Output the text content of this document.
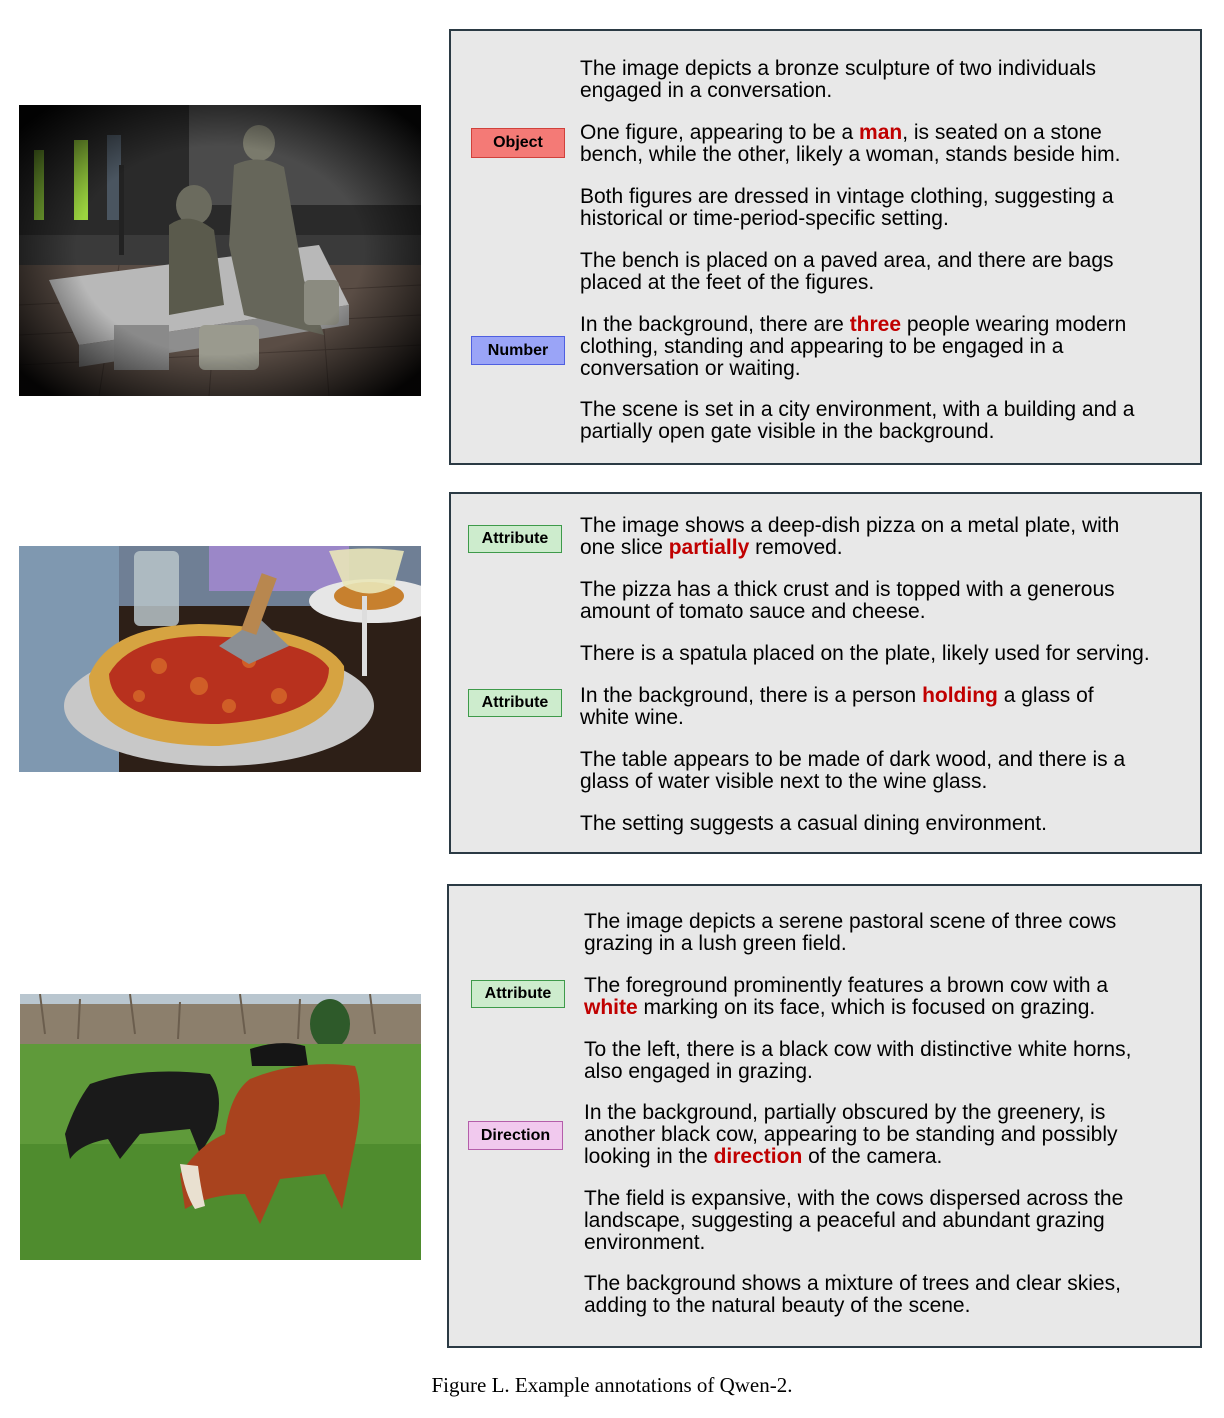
Object
Number
The image depicts a bronze sculpture of two individuals
engaged in a conversation.
One figure, appearing to be a man, is seated on a stone
bench, while the other, likely a woman, stands beside him.
Both figures are dressed in vintage clothing, suggesting a
historical or time-period-specific setting.
The bench is placed on a paved area, and there are bags
placed at the feet of the figures.
In the background, there are three people wearing modern
clothing, standing and appearing to be engaged in a
conversation or waiting.
The scene is set in a city environment, with a building and a
partially open gate visible in the background.
Attribute
Attribute
The image shows a deep-dish pizza on a metal plate, with
one slice partially removed.
The pizza has a thick crust and is topped with a generous
amount of tomato sauce and cheese.
There is a spatula placed on the plate, likely used for serving.
In the background, there is a person holding a glass of
white wine.
The table appears to be made of dark wood, and there is a
glass of water visible next to the wine glass.
The setting suggests a casual dining environment.
Attribute
Direction
The image depicts a serene pastoral scene of three cows
grazing in a lush green field.
The foreground prominently features a brown cow with a
white marking on its face, which is focused on grazing.
To the left, there is a black cow with distinctive white horns,
also engaged in grazing.
In the background, partially obscured by the greenery, is
another black cow, appearing to be standing and possibly
looking in the direction of the camera.
The field is expansive, with the cows dispersed across the
landscape, suggesting a peaceful and abundant grazing
environment.
The background shows a mixture of trees and clear skies,
adding to the natural beauty of the scene.
Figure L. Example annotations of Qwen-2.
